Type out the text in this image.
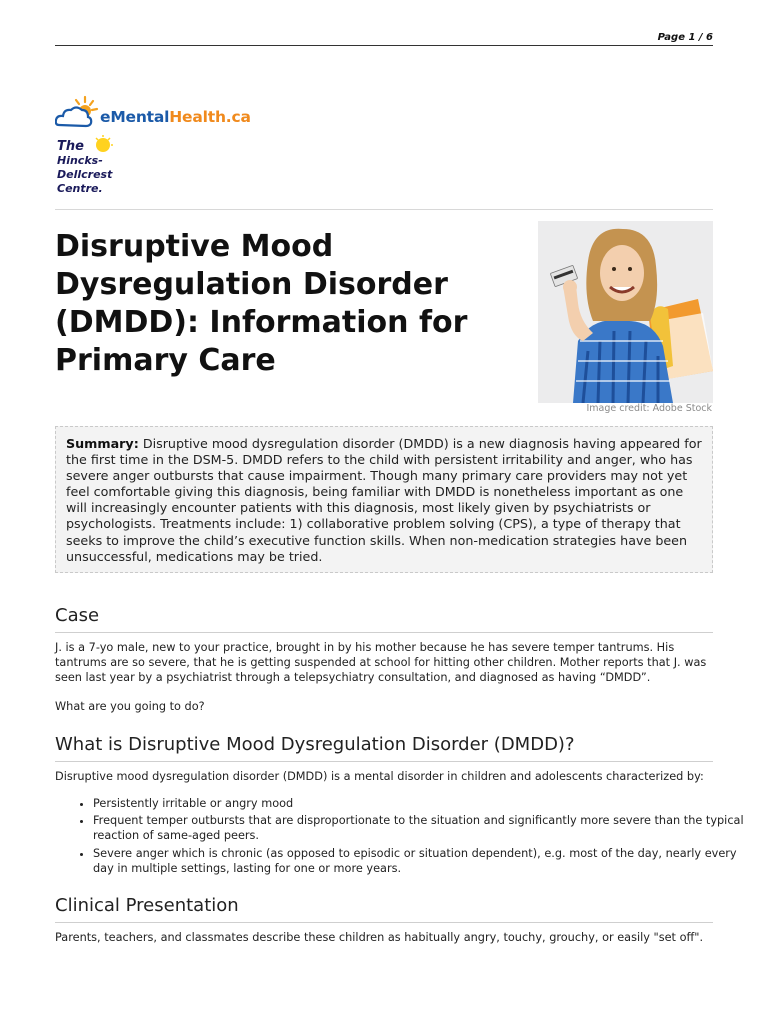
Page 1 / 6
eMentalHealth.ca
The
Hincks-
Dellcrest
Centre.
Disruptive Mood Dysregulation Disorder (DMDD): Information for Primary Care
Image credit: Adobe Stock
Summary: Disruptive mood dysregulation disorder (DMDD) is a new diagnosis having appeared for the first time in the DSM-5. DMDD refers to the child with persistent irritability and anger, who has severe anger outbursts that cause impairment. Though many primary care providers may not yet feel comfortable giving this diagnosis, being familiar with DMDD is nonetheless important as one will increasingly encounter patients with this diagnosis, most likely given by psychiatrists or psychologists. Treatments include: 1) collaborative problem solving (CPS), a type of therapy that seeks to improve the child’s executive function skills. When non-medication strategies have been unsuccessful, medications may be tried.
Case

J. is a 7-yo male, new to your practice, brought in by his mother because he has severe temper tantrums. His tantrums are so severe, that he is getting suspended at school for hitting other children. Mother reports that J. was seen last year by a psychiatrist through a telepsychiatry consultation, and diagnosed as having “DMDD”.

What are you going to do?

What is Disruptive Mood Dysregulation Disorder (DMDD)?

Disruptive mood dysregulation disorder (DMDD) is a mental disorder in children and adolescents characterized by:

• Persistently irritable or angry mood
• Frequent temper outbursts that are disproportionate to the situation and significantly more severe than the typical reaction of same-aged peers.
• Severe anger which is chronic (as opposed to episodic or situation dependent), e.g. most of the day, nearly every day in multiple settings, lasting for one or more years.
Clinical Presentation

Parents, teachers, and classmates describe these children as habitually angry, touchy, grouchy, or easily "set off".
